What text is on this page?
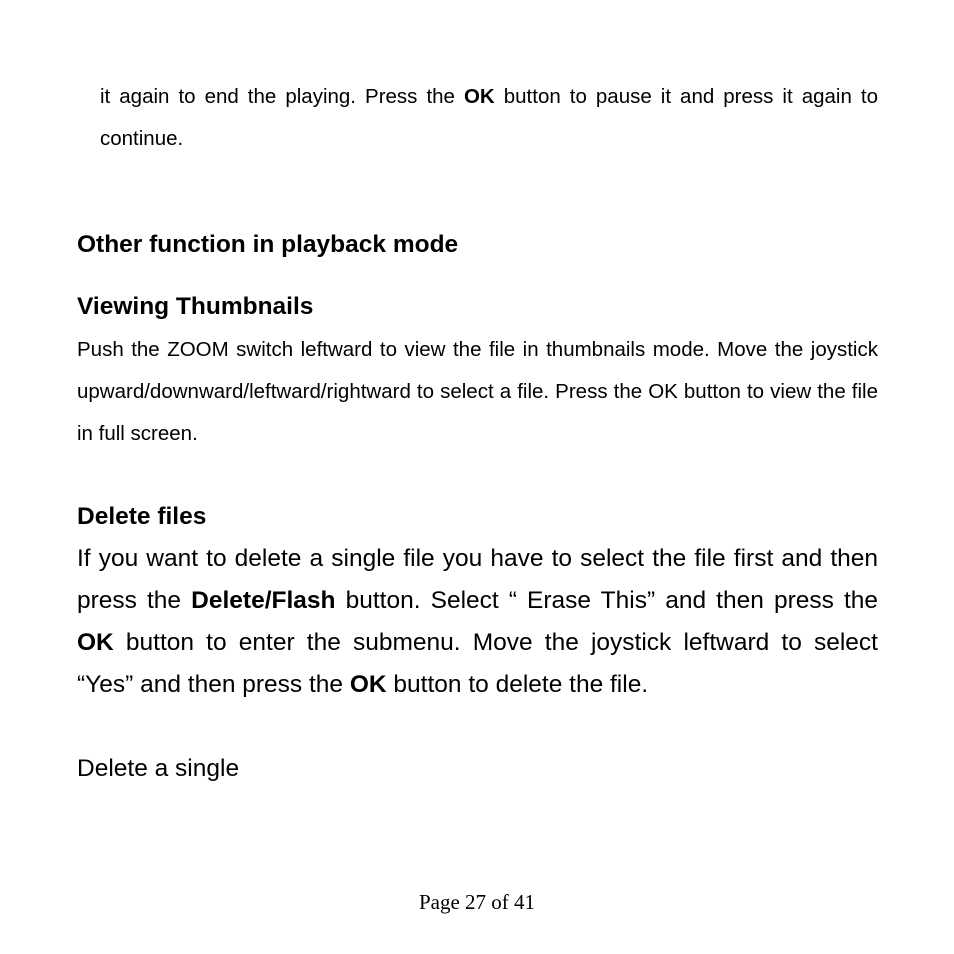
it again to end the playing. Press the OK button to pause it and press it again to continue.

Other function in playback mode
Viewing Thumbnails

Push the ZOOM switch leftward to view the file in thumbnails mode. Move the joystick upward/downward/leftward/rightward to select a file. Press the OK button to view the file in full screen.

Delete files

If you want to delete a single file you have to select the file first and then press the Delete/Flash button. Select “ Erase This” and then press the OK button to enter the submenu. Move the joystick leftward to select “Yes” and then press the OK button to delete the file.

Delete a single

Page 27 of 41
